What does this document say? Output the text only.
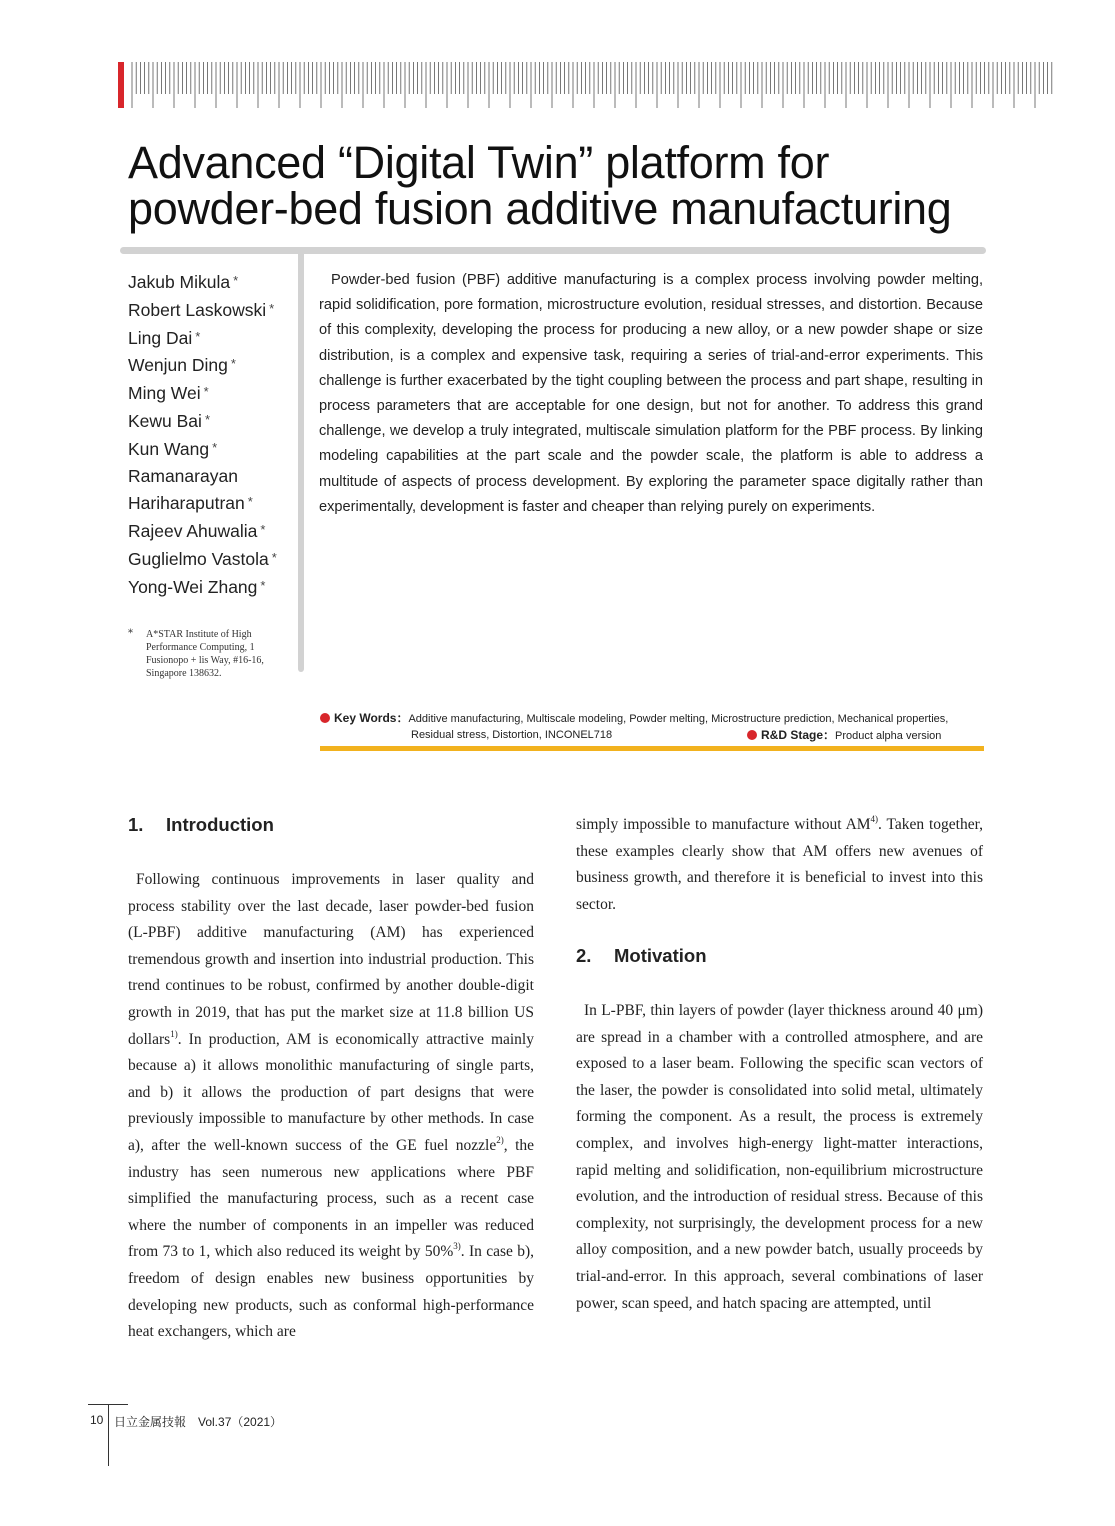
Advanced “Digital Twin” platform for
powder-bed fusion additive manufacturing
Jakub Mikula *
Robert Laskowski *
Ling Dai *
Wenjun Ding *
Ming Wei *
Kewu Bai *
Kun Wang *
Ramanarayan
Hariharaputran *
Rajeev Ahuwalia *
Guglielmo Vastola *
Yong-Wei Zhang *
* A*STAR Institute of High Performance Computing, 1 Fusionopo + lis Way, #16-16, Singapore 138632.

Powder-bed fusion (PBF) additive manufacturing is a complex process involving powder melting, rapid solidification, pore formation, microstructure evolution, residual stresses, and distortion. Because of this complexity, developing the process for producing a new alloy, or a new powder shape or size distribution, is a complex and expensive task, requiring a series of trial-and-error experiments. This challenge is further exacerbated by the tight coupling between the process and part shape, resulting in process parameters that are acceptable for one design, but not for another. To address this grand challenge, we develop a truly integrated, multiscale simulation platform for the PBF process. By linking modeling capabilities at the part scale and the powder scale, the platform is able to address a multitude of aspects of process development. By exploring the parameter space digitally rather than experimentally, development is faster and cheaper than relying purely on experiments.

Key Words：Additive manufacturing, Multiscale modeling, Powder melting, Microstructure prediction, Mechanical properties,
Residual stress, Distortion, INCONEL718	R&D Stage：Product alpha version
1. Introduction

Following continuous improvements in laser quality and process stability over the last decade, laser powder-bed fusion (L-PBF) additive manufacturing (AM) has experienced tremendous growth and insertion into industrial production. This trend continues to be robust, confirmed by another double-digit growth in 2019, that has put the market size at 11.8 billion US dollars$^{1)}$. In production, AM is economically attractive mainly because a) it allows monolithic manufacturing of single parts, and b) it allows the production of part designs that were previously impossible to manufacture by other methods. In case a), after the well-known success of the GE fuel nozzle$^{2)}$, the industry has seen numerous new applications where PBF simplified the manufacturing process, such as a recent case where the number of components in an impeller was reduced from 73 to 1, which also reduced its weight by 50%$^{3)}$. In case b), freedom of design enables new business opportunities by developing new products, such as conformal high-performance heat exchangers, which are

simply impossible to manufacture without AM$^{4)}$. Taken together, these examples clearly show that AM offers new avenues of business growth, and therefore it is beneficial to invest into this sector.

2. Motivation

In L-PBF, thin layers of powder (layer thickness around 40 μm) are spread in a chamber with a controlled atmosphere, and are exposed to a laser beam. Following the specific scan vectors of the laser, the powder is consolidated into solid metal, ultimately forming the component. As a result, the process is extremely complex, and involves high-energy light-matter interactions, rapid melting and solidification, non-equilibrium microstructure evolution, and the introduction of residual stress. Because of this complexity, not surprisingly, the development process for a new alloy composition, and a new powder batch, usually proceeds by trial-and-error. In this approach, several combinations of laser power, scan speed, and hatch spacing are attempted, until

10 日立金属技報　Vol.37（2021）
